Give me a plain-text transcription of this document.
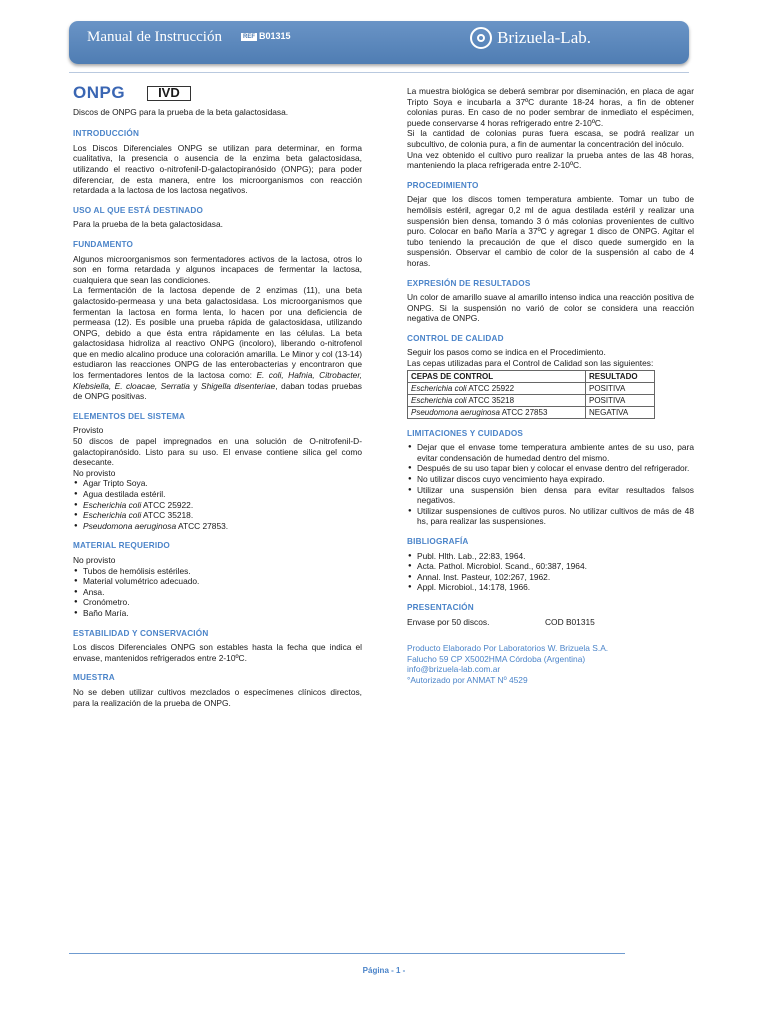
Manual de Instrucción	REF B01315	Brizuela-Lab.
ONPG	IVD

Discos de ONPG para la prueba de la beta galactosidasa.

INTRODUCCIÓN

Los Discos Diferenciales ONPG se utilizan para determinar, en forma cualitativa, la presencia o ausencia de la enzima beta galactosidasa, utilizando el reactivo o-nitrofenil-D-galactopiranósido (ONPG); para poder diferenciar, de esta manera, entre los microorganismos con reacción retardada a la lactosa de los lactosa negativos.

USO AL QUE ESTÁ DESTINADO

Para la prueba de la beta galactosidasa.

FUNDAMENTO

Algunos microorganismos son fermentadores activos de la lactosa, otros lo son en forma retardada y algunos incapaces de fermentar la lactosa, cualquiera que sean las condiciones.

La fermentación de la lactosa depende de 2 enzimas (11), una beta galactosido-permeasa y una beta galactosidasa. Los microorganismos que fermentan la lactosa en forma lenta, lo hacen por una deficiencia de permeasa (12). Es posible una prueba rápida de galactosidasa, utilizando ONPG, debido a que ésta entra rápidamente en las células. La beta galactosidasa hidroliza al reactivo ONPG (incoloro), liberando o-nitrofenol que en medio alcalino produce una coloración amarilla. Le Minor y col (13-14) estudiaron las reacciones ONPG de las enterobacterias y encontraron que los fermentadores lentos de la lactosa como: E. coli, Hafnia, Citrobacter, Klebsiella, E. cloacae, Serratia y Shigella disenteriae, daban todas pruebas de ONPG positivas.

ELEMENTOS DEL SISTEMA

Provisto

50 discos de papel impregnados en una solución de O-nitrofenil-D-galactopiranósido. Listo para su uso. El envase contiene silica gel como desecante.

No provisto

● Agar Tripto Soya.
● Agua destilada estéril.
● Escherichia coli ATCC 25922.
● Escherichia coli ATCC 35218.
● Pseudomona aeruginosa ATCC 27853.
MATERIAL REQUERIDO

No provisto

● Tubos de hemólisis estériles.
● Material volumétrico adecuado.
● Ansa.
● Cronómetro.
● Baño María.
ESTABILIDAD Y CONSERVACIÓN

Los discos Diferenciales ONPG son estables hasta la fecha que indica el envase, mantenidos refrigerados entre 2-10ºC.

MUESTRA

No se deben utilizar cultivos mezclados o especímenes clínicos directos, para la realización de la prueba de ONPG.

La muestra biológica se deberá sembrar por diseminación, en placa de agar Tripto Soya e incubarla a 37ºC durante 18-24 horas, a fin de obtener colonias puras. En caso de no poder sembrar de inmediato el espécimen, puede conservarse 4 horas refrigerado entre 2-10ºC.

Si la cantidad de colonias puras fuera escasa, se podrá realizar un subcultivo, de colonia pura, a fin de aumentar la concentración del inóculo.

Una vez obtenido el cultivo puro realizar la prueba antes de las 48 horas, manteniendo la placa refrigerada entre 2-10ºC.

PROCEDIMIENTO

Dejar que los discos tomen temperatura ambiente. Tomar un tubo de hemólisis estéril, agregar 0,2 ml de agua destilada estéril y realizar una suspensión bien densa, tomando 3 ó más colonias provenientes de cultivo puro. Colocar en baño María a 37ºC y agregar 1 disco de ONPG. Agitar el tubo teniendo la precaución de que el disco quede sumergido en la suspensión. Observar el cambio de color de la suspensión al cabo de 4 horas.

EXPRESIÓN DE RESULTADOS

Un color de amarillo suave al amarillo intenso indica una reacción positiva de ONPG. Si la suspensión no varió de color se considera una reacción negativa de ONPG.

CONTROL DE CALIDAD

Seguir los pasos como se indica en el Procedimiento.

Las cepas utilizadas para el Control de Calidad son las siguientes:

CEPAS DE CONTROL	RESULTADO
Escherichia coli ATCC 25922	POSITIVA
Escherichia coli ATCC 35218	POSITIVA
Pseudomona aeruginosa ATCC 27853	NEGATIVA
LIMITACIONES Y CUIDADOS
● Dejar que el envase tome temperatura ambiente antes de su uso, para evitar condensación de humedad dentro del mismo.
● Después de su uso tapar bien y colocar el envase dentro del refrigerador.
● No utilizar discos cuyo vencimiento haya expirado.
● Utilizar una suspensión bien densa para evitar resultados falsos negativos.
● Utilizar suspensiones de cultivos puros. No utilizar cultivos de más de 48 hs, para realizar las suspensiones.
BIBLIOGRAFÍA
● Publ. Hlth. Lab., 22:83, 1964.
● Acta. Pathol. Microbiol. Scand., 60:387, 1964.
● Annal. Inst. Pasteur, 102:267, 1962.
● Appl. Microbiol., 14:178, 1966.
PRESENTACIÓN
Envase por 50 discos.	COD B01315

Producto Elaborado Por Laboratorios W. Brizuela S.A.

Falucho 59 CP X5002HMA Córdoba (Argentina)

info@brizuela-lab.com.ar

°Autorizado por ANMAT Nº 4529

Página - 1 -
